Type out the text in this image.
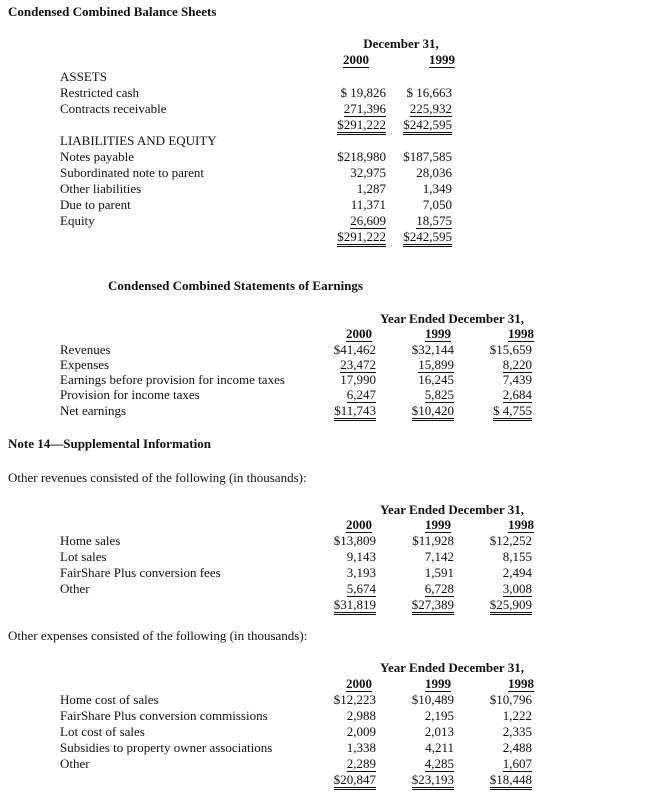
Condensed Combined Balance Sheets
December 31,
2000	1999
ASSETS
Restricted cash	$ 19,826	$ 16,663
Contracts receivable	271,396	225,932
$291,222	$242,595
LIABILITIES AND EQUITY
Notes payable	$218,980	$187,585
Subordinated note to parent	32,975	28,036
Other liabilities	1,287	1,349
Due to parent	11,371	7,050
Equity	26,609	18,575
$291,222	$242,595
Condensed Combined Statements of Earnings
Year Ended December 31,
2000	1999	1998
Revenues	$41,462	$32,144	$15,659
Expenses	23,472	15,899	8,220
Earnings before provision for income taxes	17,990	16,245	7,439
Provision for income taxes	6,247	5,825	2,684
Net earnings	$11,743	$10,420	$ 4,755
Note 14—Supplemental Information
Other revenues consisted of the following (in thousands):
Year Ended December 31,
2000	1999	1998
Home sales	$13,809	$11,928	$12,252
Lot sales	9,143	7,142	8,155
FairShare Plus conversion fees	3,193	1,591	2,494
Other	5,674	6,728	3,008
$31,819	$27,389	$25,909
Other expenses consisted of the following (in thousands):
Year Ended December 31,
2000	1999	1998
Home cost of sales	$12,223	$10,489	$10,796
FairShare Plus conversion commissions	2,988	2,195	1,222
Lot cost of sales	2,009	2,013	2,335
Subsidies to property owner associations	1,338	4,211	2,488
Other	2,289	4,285	1,607
$20,847	$23,193	$18,448
